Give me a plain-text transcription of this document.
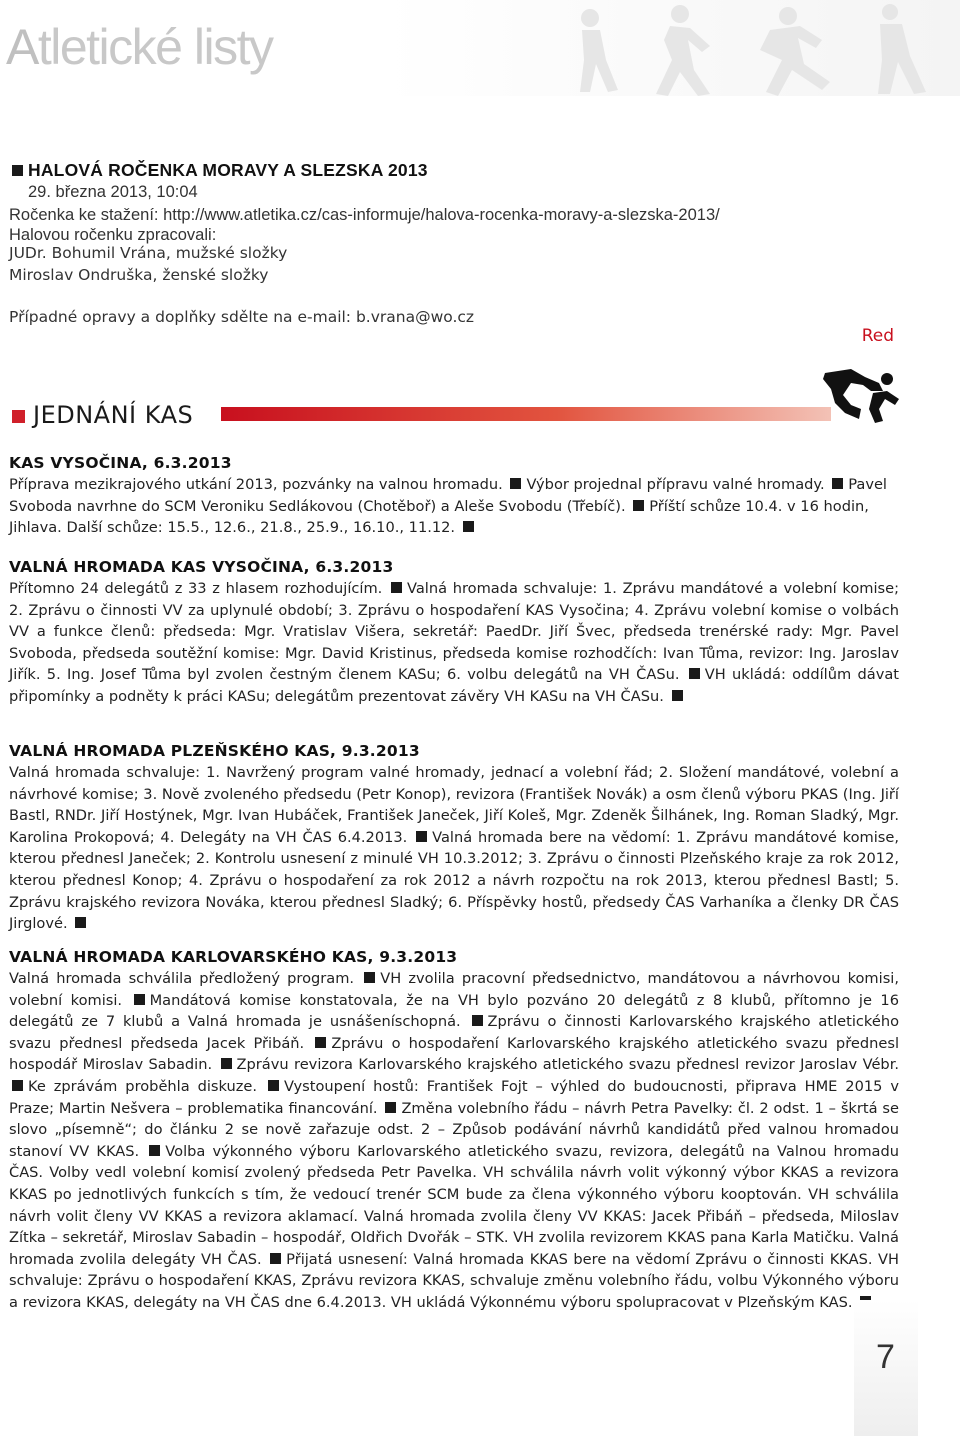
Atletické listy
HALOVÁ ROČENKA MORAVY A SLEZSKA 2013
29. března 2013, 10:04
Ročenka ke stažení: http://www.atletika.cz/cas-informuje/halova-rocenka-moravy-a-slezska-2013/
Halovou ročenku zpracovali:
JUDr. Bohumil Vrána, mužské složky
Miroslav Ondruška, ženské složky
Případné opravy a doplňky sdělte na e-mail: b.vrana@wo.cz
Red
JEDNÁNÍ KAS
KAS VYSOČINA, 6.3.2013

Příprava mezikrajového utkání 2013, pozvánky na valnou hromadu. Výbor projednal přípravu valné hromady. Pavel Svoboda navrhne do SCM Veroniku Sedlákovou (Chotěboř) a Aleše Svobodu (Třebíč). Příští schůze 10.4. v 16 hodin, Jihlava. Další schůze: 15.5., 12.6., 21.8., 25.9., 16.10., 11.12.

VALNÁ HROMADA KAS VYSOČINA, 6.3.2013

Přítomno 24 delegátů z 33 z hlasem rozhodujícím. Valná hromada schvaluje: 1. Zprávu mandátové a volební komise; 2. Zprávu o činnosti VV za uplynulé období; 3. Zprávu o hospodaření KAS Vysočina; 4. Zprávu volební komise o volbách VV a funkce členů: předseda: Mgr. Vratislav Višera, sekretář: PaedDr. Jiří Švec, předseda trenérské rady: Mgr. Pavel Svoboda, předseda soutěžní komise: Mgr. David Kristinus, předseda komise rozhodčích: Ivan Tůma, revizor: Ing. Jaroslav Jiřík. 5. Ing. Josef Tůma byl zvolen čestným členem KASu; 6. volbu delegátů na VH ČASu. VH ukládá: oddílům dávat připomínky a podněty k práci KASu; delegátům prezentovat závěry VH KASu na VH ČASu.

VALNÁ HROMADA PLZEŇSKÉHO KAS, 9.3.2013

Valná hromada schvaluje: 1. Navržený program valné hromady, jednací a volební řád; 2. Složení mandátové, volební a návrhové komise; 3. Nově zvoleného předsedu (Petr Konop), revizora (František Novák) a osm členů výboru PKAS (Ing. Jiří Bastl, RNDr. Jiří Hostýnek, Mgr. Ivan Hubáček, František Janeček, Jiří Koleš, Mgr. Zdeněk Šilhánek, Ing. Roman Sladký, Mgr. Karolina Prokopová; 4. Delegáty na VH ČAS 6.4.2013. Valná hromada bere na vědomí: 1. Zprávu mandátové komise, kterou přednesl Janeček; 2. Kontrolu usnesení z minulé VH 10.3.2012; 3. Zprávu o činnosti Plzeňského kraje za rok 2012, kterou přednesl Konop; 4. Zprávu o hospodaření za rok 2012 a návrh rozpočtu na rok 2013, kterou přednesl Bastl; 5. Zprávu krajského revizora Nováka, kterou přednesl Sladký; 6. Příspěvky hostů, předsedy ČAS Varhaníka a členky DR ČAS Jirglové.

VALNÁ HROMADA KARLOVARSKÉHO KAS, 9.3.2013

Valná hromada schválila předložený program. VH zvolila pracovní předsednictvo, mandátovou a návrhovou komisi, volební komisi. Mandátová komise konstatovala, že na VH bylo pozváno 20 delegátů z 8 klubů, přítomno je 16 delegátů ze 7 klubů a Valná hromada je usnášeníschopná. Zprávu o činnosti Karlovarského krajského atletického svazu přednesl předseda Jacek Přibáň. Zprávu o hospodaření Karlovarského krajského atletického svazu přednesl hospodář Miroslav Sabadin. Zprávu revizora Karlovarského krajského atletického svazu přednesl revizor Jaroslav Vébr. Ke zprávám proběhla diskuze. Vystoupení hostů: František Fojt – výhled do budoucnosti, připrava HME 2015 v Praze; Martin Nešvera – problematika financování. Změna volebního řádu – návrh Petra Pavelky: čl. 2 odst. 1 – škrtá se slovo „písemně“; do článku 2 se nově zařazuje odst. 2 – Způsob podávání návrhů kandidátů před valnou hromadou stanoví VV KKAS. Volba výkonného výboru Karlovarského atletického svazu, revizora, delegátů na Valnou hromadu ČAS. Volby vedl volební komisí zvolený předseda Petr Pavelka. VH schválila návrh volit výkonný výbor KKAS a revizora KKAS po jednotlivých funkcích s tím, že vedoucí trenér SCM bude za člena výkonného výboru kooptován. VH schválila návrh volit členy VV KKAS a revizora aklamací. Valná hromada zvolila členy VV KKAS: Jacek Přibáň – předseda, Miloslav Zítka – sekretář, Miroslav Sabadin – hospodář, Oldřich Dvořák – STK. VH zvolila revizorem KKAS pana Karla Matičku. Valná hromada zvolila delegáty VH ČAS. Přijatá usnesení: Valná hromada KKAS bere na vědomí Zprávu o činnosti KKAS. VH schvaluje: Zprávu o hospodaření KKAS, Zprávu revizora KKAS, schvaluje změnu volebního řádu, volbu Výkonného výboru a revizora KKAS, delegáty na VH ČAS dne 6.4.2013. VH ukládá Výkonnému výboru spolupracovat v Plzeňským KAS.

7
